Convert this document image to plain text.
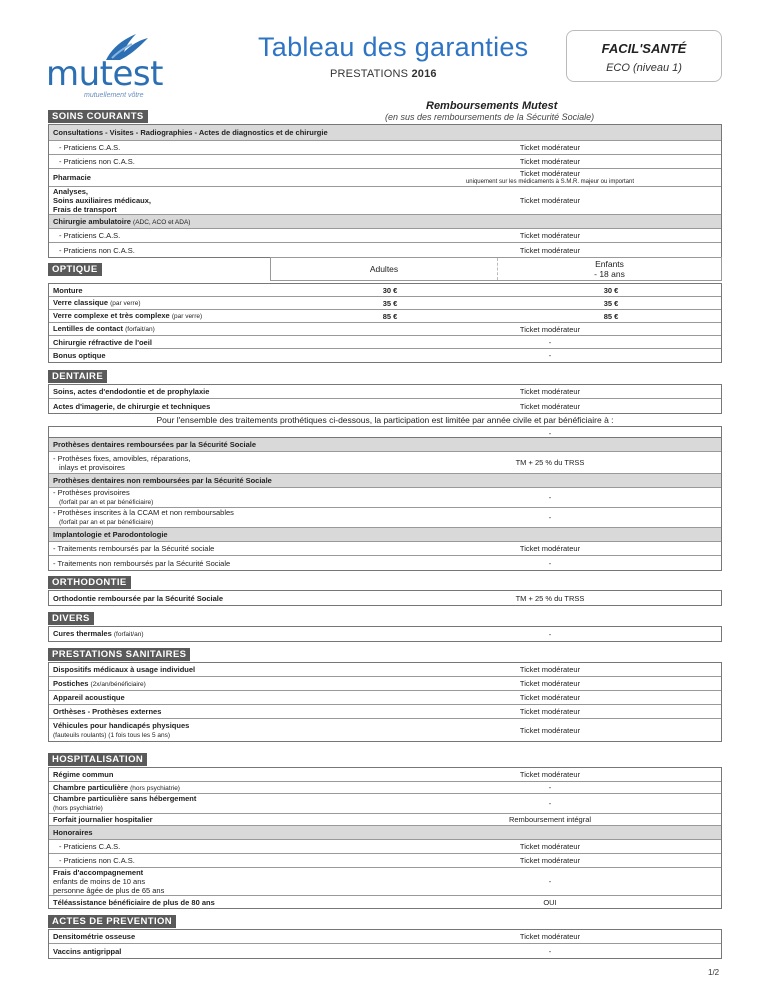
mutest
mutuellement vôtre
Tableau des garanties
PRESTATIONS 2016
FACIL'SANTÉ
ECO (niveau 1)
Remboursements Mutest
(en sus des remboursements de la Sécurité Sociale)
SOINS COURANTS
Consultations - Visites - Radiographies - Actes de diagnostics et de chirurgie
- Praticiens C.A.S.	Ticket modérateur
- Praticiens non C.A.S.	Ticket modérateur
Pharmacie	Ticket modérateur
uniquement sur les médicaments à S.M.R. majeur ou important
Analyses,
Soins auxiliaires médicaux,
Frais de transport
Ticket modérateur
Chirurgie ambulatoire (ADC, ACO et ADA)
- Praticiens C.A.S.	Ticket modérateur
- Praticiens non C.A.S.	Ticket modérateur
OPTIQUE	Adultes	Enfants
- 18 ans
Monture	30 €	30 €
Verre classique (par verre)	35 €	35 €
Verre complexe et très complexe (par verre)	85 €	85 €
Lentilles de contact (forfait/an)	Ticket modérateur
Chirurgie réfractive de l'oeil	-
Bonus optique	-
DENTAIRE
Soins, actes d'endodontie et de prophylaxie	Ticket modérateur
Actes d'imagerie, de chirurgie et techniques	Ticket modérateur
Pour l'ensemble des traitements prothétiques ci-dessous, la participation est limitée par année civile et par bénéficiaire à :
-
Prothèses dentaires remboursées par la Sécurité Sociale
- Prothèses fixes, amovibles, réparations,
inlays et provisoires	TM + 25 % du TRSS
Prothèses dentaires non remboursées par la Sécurité Sociale
- Prothèses provisoires
(forfait par an et par bénéficiaire)
-
- Prothèses inscrites à la CCAM et non remboursables
(forfait par an et par bénéficiaire)
-
Implantologie et Parodontologie
- Traitements remboursés par la Sécurité sociale	Ticket modérateur
- Traitements non remboursés par la Sécurité Sociale	-
ORTHODONTIE
Orthodontie remboursée par la Sécurité Sociale	TM + 25 % du TRSS
DIVERS
Cures thermales (forfait/an)	-
PRESTATIONS SANITAIRES
Dispositifs médicaux à usage individuel	Ticket modérateur
Postiches (2x/an/bénéficiaire)	Ticket modérateur
Appareil acoustique	Ticket modérateur
Orthèses - Prothèses externes	Ticket modérateur
Véhicules pour handicapés physiques
(fauteuils roulants) (1 fois tous les 5 ans)
Ticket modérateur
HOSPITALISATION
Régime commun	Ticket modérateur
Chambre particulière (hors psychiatrie)	-
Chambre particulière sans hébergement
(hors psychiatrie)
-
Forfait journalier hospitalier	Remboursement intégral
Honoraires
- Praticiens C.A.S.	Ticket modérateur
- Praticiens non C.A.S.	Ticket modérateur
Frais d'accompagnement
enfants de moins de 10 ans
personne âgée de plus de 65 ans
-
Téléassistance bénéficiaire de plus de 80 ans	OUI
ACTES DE PREVENTION
Densitométrie osseuse	Ticket modérateur
Vaccins antigrippal	-
1/2
